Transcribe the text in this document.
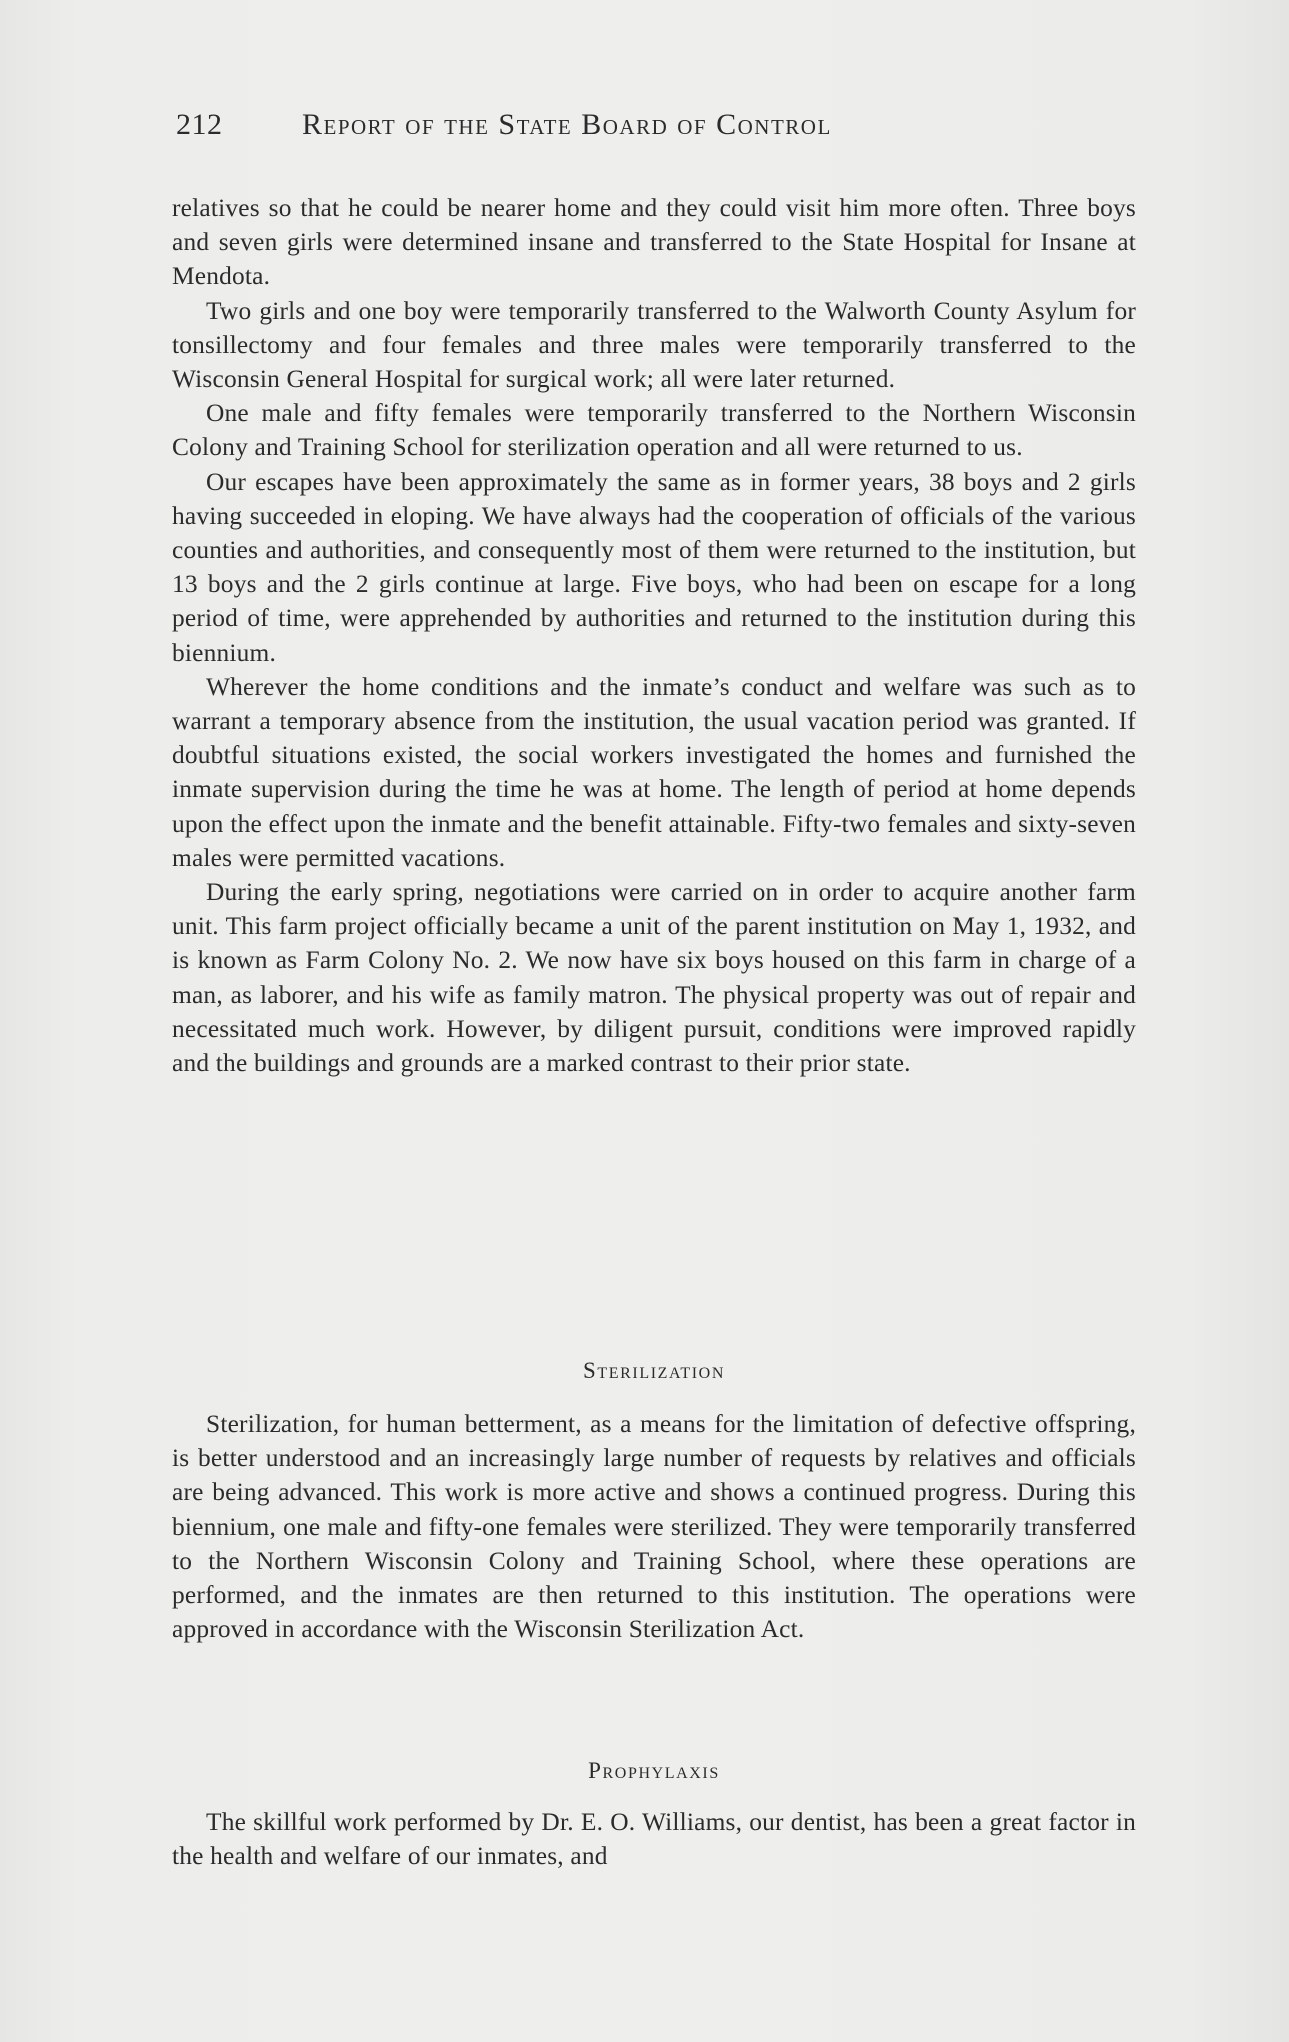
212	Report of the State Board of Control

relatives so that he could be nearer home and they could visit him more often. Three boys and seven girls were determined insane and transferred to the State Hospital for Insane at Mendota.

Two girls and one boy were temporarily transferred to the Walworth County Asylum for tonsillectomy and four females and three males were temporarily transferred to the Wisconsin General Hospital for surgical work; all were later returned.

One male and fifty females were temporarily transferred to the Northern Wisconsin Colony and Training School for sterilization operation and all were returned to us.

Our escapes have been approximately the same as in former years, 38 boys and 2 girls having succeeded in eloping. We have always had the cooperation of officials of the various counties and authorities, and consequently most of them were returned to the institution, but 13 boys and the 2 girls continue at large. Five boys, who had been on escape for a long period of time, were apprehended by authorities and returned to the institution during this biennium.

Wherever the home conditions and the inmate’s conduct and welfare was such as to warrant a temporary absence from the institution, the usual vacation period was granted. If doubtful situations existed, the social workers investigated the homes and furnished the inmate supervision during the time he was at home. The length of period at home depends upon the effect upon the inmate and the benefit attainable. Fifty-two females and sixty-seven males were permitted vacations.

During the early spring, negotiations were carried on in order to acquire another farm unit. This farm project officially became a unit of the parent institution on May 1, 1932, and is known as Farm Colony No. 2. We now have six boys housed on this farm in charge of a man, as laborer, and his wife as family matron. The physical property was out of repair and necessitated much work. However, by diligent pursuit, conditions were improved rapidly and the buildings and grounds are a marked contrast to their prior state.

Sterilization

Sterilization, for human betterment, as a means for the limitation of defective offspring, is better understood and an increasingly large number of requests by relatives and officials are being advanced. This work is more active and shows a continued progress. During this biennium, one male and fifty-one females were sterilized. They were temporarily transferred to the Northern Wisconsin Colony and Training School, where these operations are performed, and the inmates are then returned to this institution. The operations were approved in accordance with the Wisconsin Sterilization Act.

Prophylaxis

The skillful work performed by Dr. E. O. Williams, our dentist, has been a great factor in the health and welfare of our inmates, and
